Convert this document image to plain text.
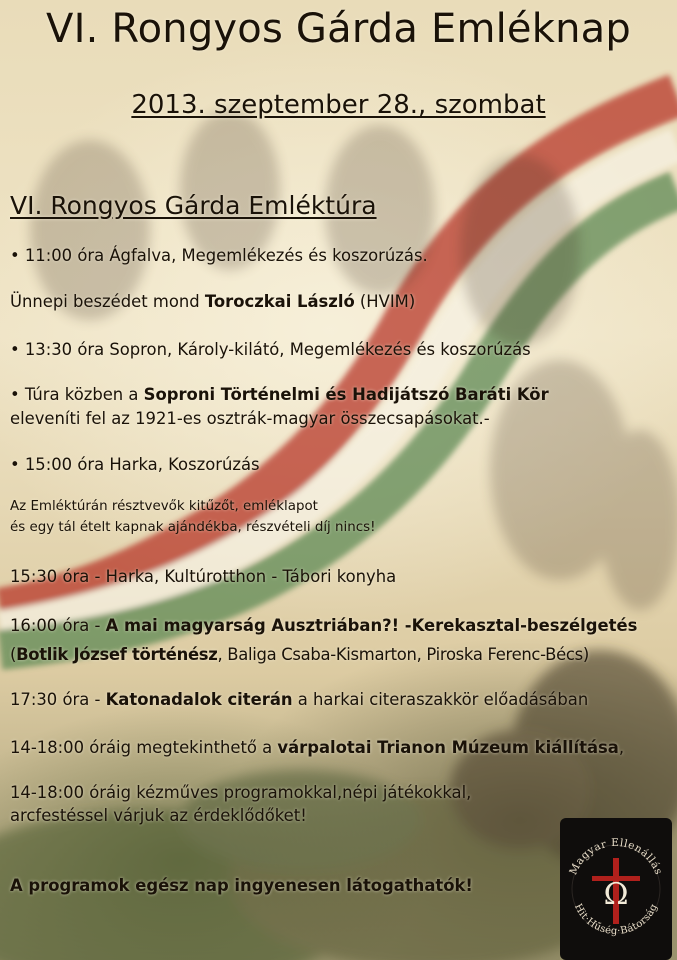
VI. Rongyos Gárda Emléknap
2013. szeptember 28., szombat
VI. Rongyos Gárda Emléktúra
• 11:00 óra Ágfalva, Megemlékezés és koszorúzás.
Ünnepi beszédet mond Toroczkai László (HVIM)
• 13:30 óra Sopron, Károly-kilátó, Megemlékezés és koszorúzás
• Túra közben a Soproni Történelmi és Hadijátszó Baráti Kör
eleveníti fel az 1921-es osztrák-magyar összecsapásokat.-
• 15:00 óra Harka, Koszorúzás
Az Emléktúrán résztvevők kitűzőt, emléklapot
és egy tál ételt kapnak ajándékba, részvételi díj nincs!
15:30 óra - Harka, Kultúrotthon - Tábori konyha
16:00 óra - A mai magyarság Ausztriában?! -Kerekasztal-beszélgetés
(Botlik József történész, Baliga Csaba-Kismarton, Piroska Ferenc-Bécs)
17:30 óra - Katonadalok citerán a harkai citeraszakkör előadásában
14-18:00 óráig megtekinthető a várpalotai Trianon Múzeum kiállítása,
14-18:00 óráig kézműves programokkal,népi játékokkal,
arcfestéssel várjuk az érdeklődőket!
A programok egész nap ingyenesen látogathatók!
Magyar Ellenállás
Hit·Hűség·Bátorság
Ω
